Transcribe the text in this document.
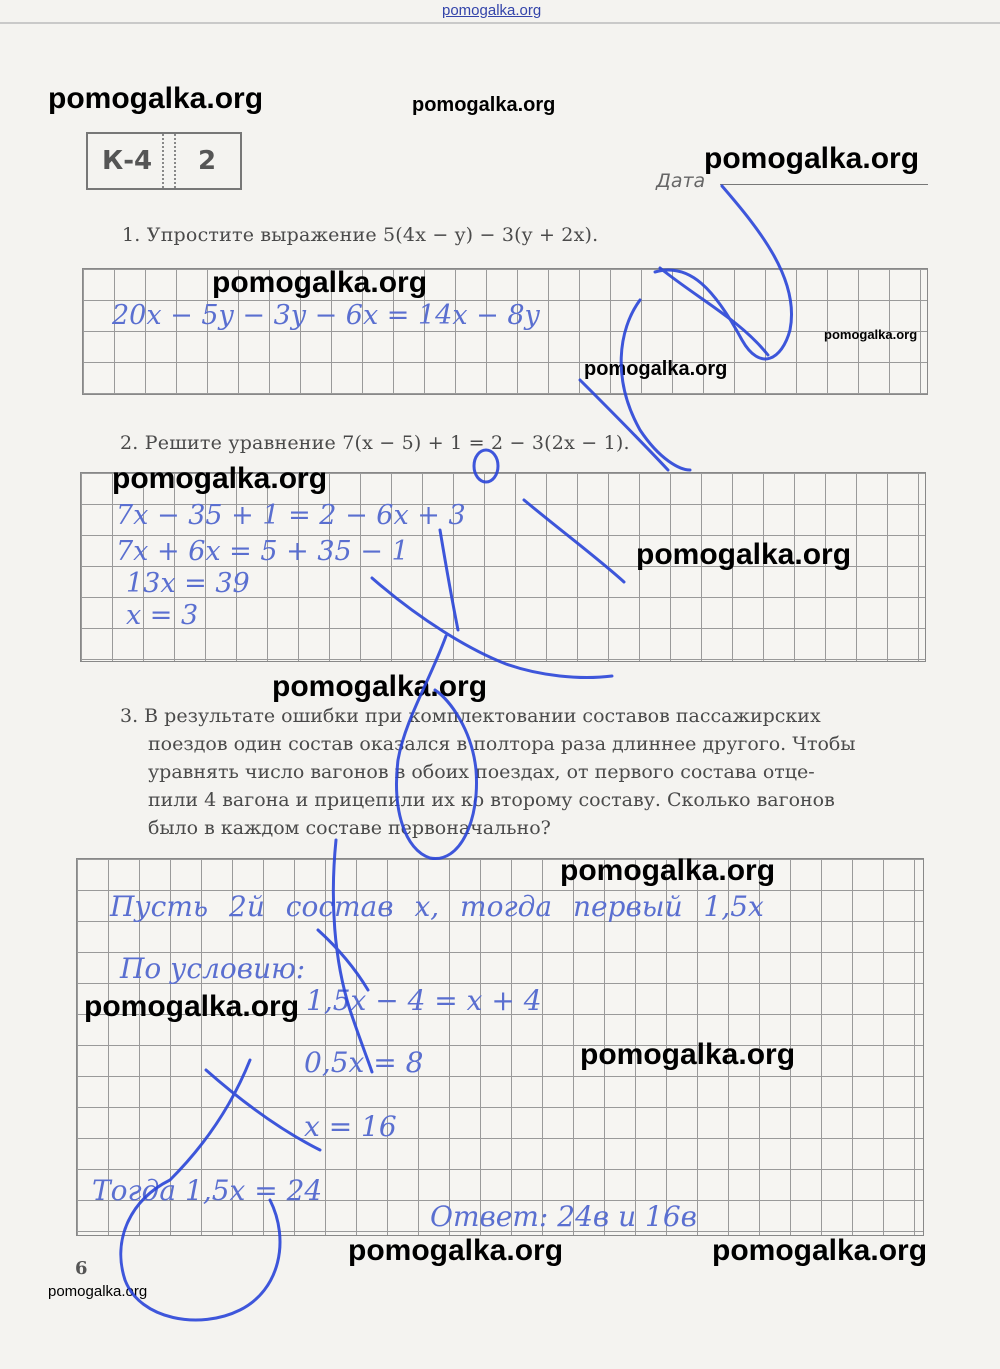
pomogalka.org
pomogalka.org	pomogalka.org
pomogalka.org
К-4 2
Дата
1. Упростите выражение 5(4x − y) − 3(y + 2x).
20x − 5y − 3y − 6x = 14x − 8y
pomogalka.org
pomogalka.org
pomogalka.org
2. Решите уравнение 7(x − 5) + 1 = 2 − 3(2x − 1).
7x − 35 + 1 = 2 − 6x + 3
7x + 6x = 5 + 35 − 1
13x = 39
x = 3
pomogalka.org
pomogalka.org
pomogalka.org

3. В результате ошибки при комплектовании составов пассажирских

поездов один состав оказался в полтора раза длиннее другого. Чтобы

уравнять число вагонов в обоих поездах, от первого состава отце-

пили 4 вагона и прицепили их ко второму составу. Сколько вагонов

было в каждом составе первоначально?

Пусть 2й состав x, тогда первый 1,5x
По условию:
1,5x − 4 = x + 4
0,5x = 8
x = 16
Тогда 1,5x = 24
Ответ: 24в и 16в
pomogalka.org
pomogalka.org
pomogalka.org
6
pomogalka.org	pomogalka.org
pomogalka.org
